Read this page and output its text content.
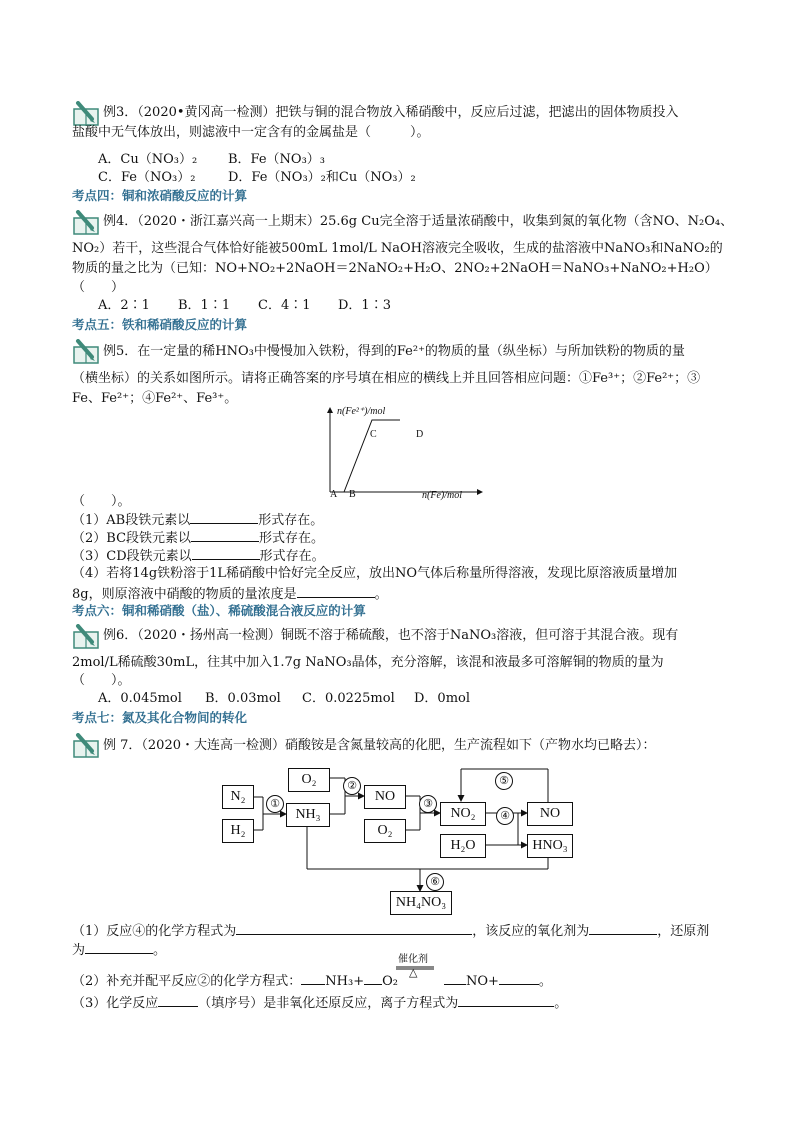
例3．（2020•黄冈高一检测）把铁与铜的混合物放入稀硝酸中，反应后过滤，把滤出的固体物质投入
盐酸中无气体放出，则滤液中一定含有的金属盐是（　　　）。
A．Cu（NO₃）₂ B．Fe（NO₃）₃
C．Fe（NO₃）₂	D．Fe（NO₃）₂和Cu（NO₃）₂
考点四：铜和浓硝酸反应的计算
例4．（2020・浙江嘉兴高一上期末）25.6g Cu完全溶于适量浓硝酸中，收集到氮的氧化物（含NO、N₂O₄、
NO₂）若干，这些混合气体恰好能被500mL 1mol/L NaOH溶液完全吸收，生成的盐溶液中NaNO₃和NaNO₂的
物质的量之比为（已知：NO+NO₂+2NaOH＝2NaNO₂+H₂O、2NO₂+2NaOH＝NaNO₃+NaNO₂+H₂O）
（　　）
A．2∶1 B．1∶1 C．4∶1 D．1∶3
考点五：铁和稀硝酸反应的计算
例5．在一定量的稀HNO₃中慢慢加入铁粉，得到的Fe²⁺的物质的量（纵坐标）与所加铁粉的物质的量
（横坐标）的关系如图所示。请将正确答案的序号填在相应的横线上并且回答相应问题：①Fe³⁺；②Fe²⁺；③
Fe、Fe²⁺；④Fe²⁺、Fe³⁺。
n(Fe²⁺)/mol
n(Fe)/mol
A B
C	D
（　　）。
（1）AB段铁元素以	形式存在。
（2）BC段铁元素以	形式存在。
（3）CD段铁元素以	形式存在。
（4）若将14g铁粉溶于1L稀硝酸中恰好完全反应，放出NO气体后称量所得溶液，发现比原溶液质量增加
8g，则原溶液中硝酸的物质的量浓度是	。
考点六：铜和稀硝酸（盐）、稀硫酸混合液反应的计算
例6．（2020・扬州高一检测）铜既不溶于稀硫酸，也不溶于NaNO₃溶液，但可溶于其混合液。现有
2mol/L稀硫酸30mL，往其中加入1.7g NaNO₃晶体，充分溶解，该混和液最多可溶解铜的物质的量为
（　　）。
A．0.045mol B．0.03mol C．0.0225mol D．0mol
考点七：氮及其化合物间的转化
例 7．（2020・大连高一检测）硝酸铵是含氮量较高的化肥，生产流程如下（产物水均已略去）：
N₂
H₂
NH₃
O₂
NO
O₂
NO₂
H₂O
NO
HNO₃
NH₄NO₃
①
②
③
④
⑤
⑥
（1）反应④的化学方程式为	，该反应的氧化剂为	，还原剂
为	。
催化剂
△
（2）补充并配平反应②的化学方程式： NH₃+ O₂	NO+	。
（3）化学反应	（填序号）是非氧化还原反应，离子方程式为	。
